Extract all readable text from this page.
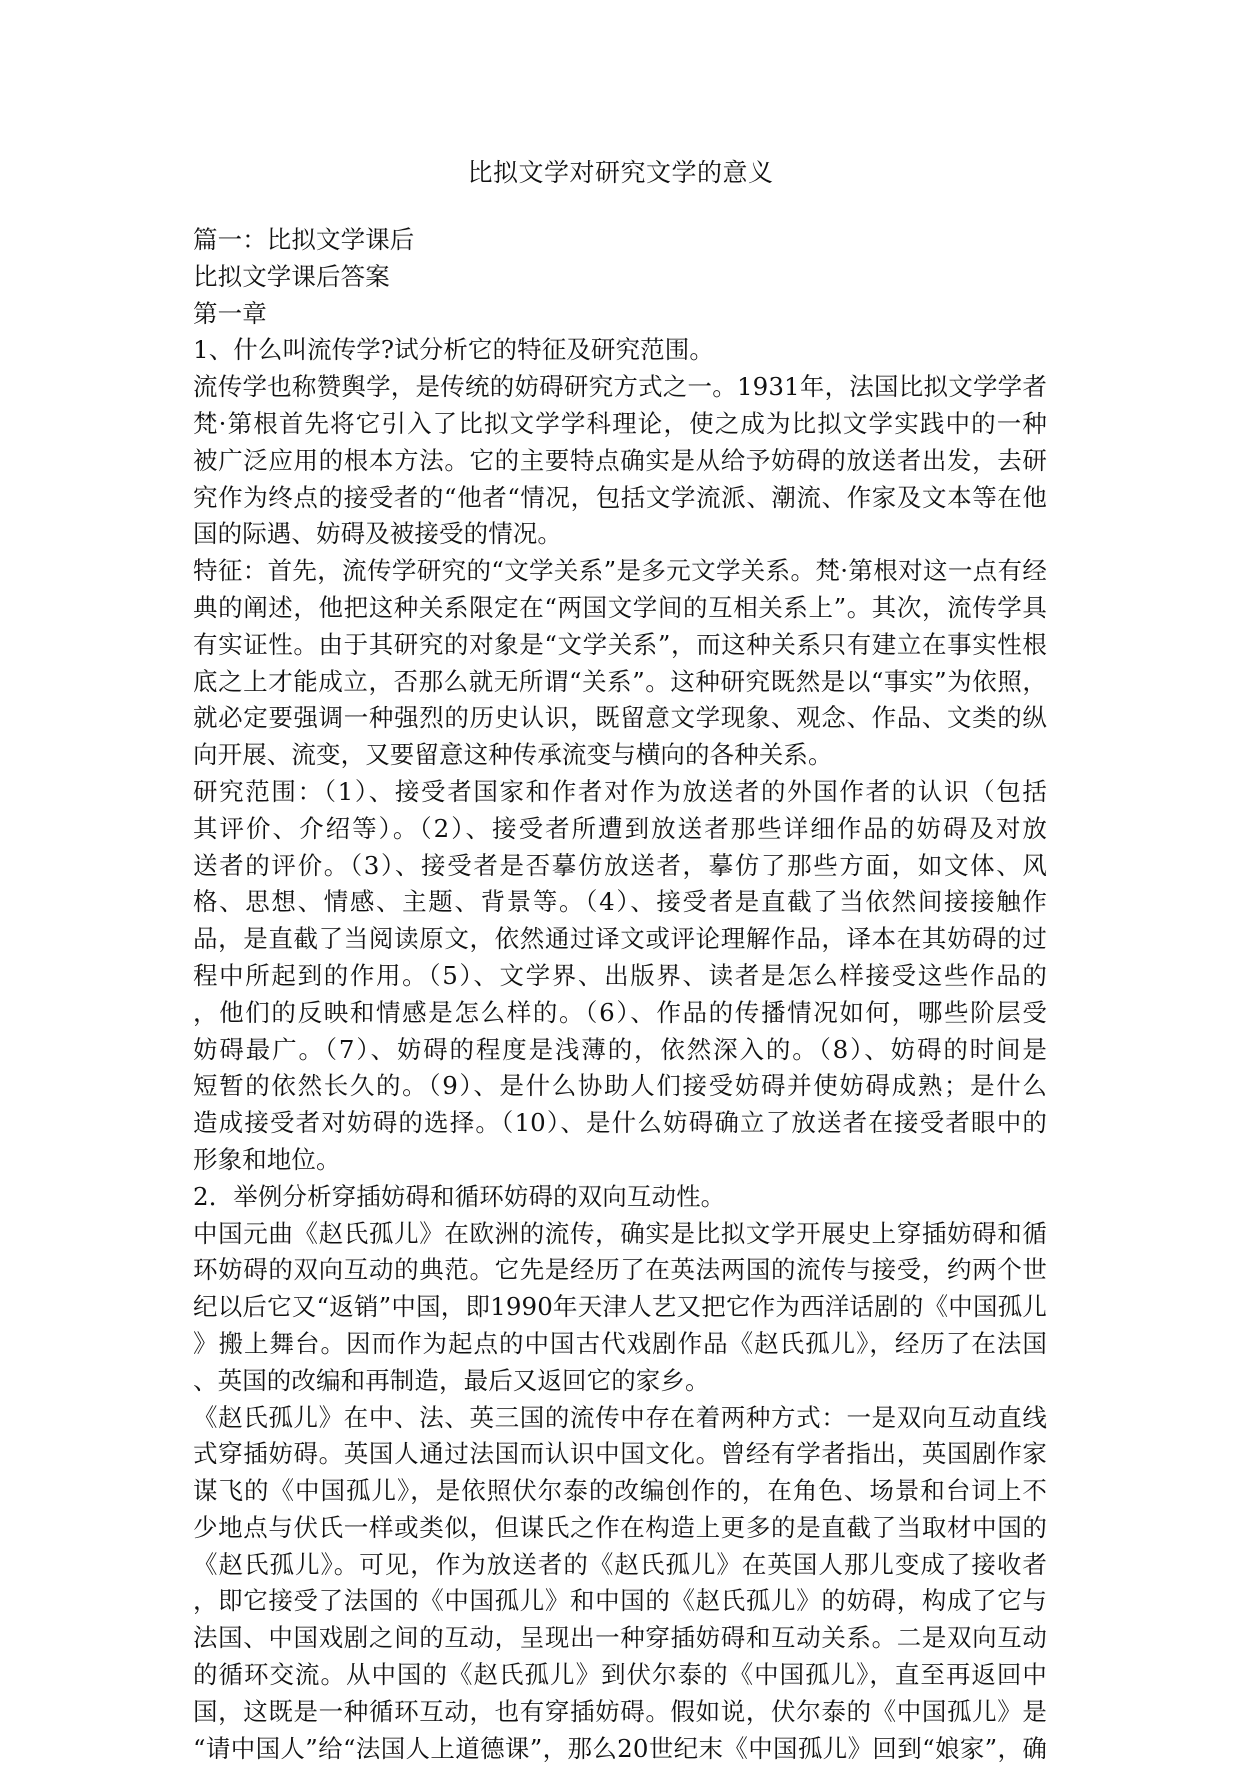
比拟文学对研究文学的意义
篇一：比拟文学课后
比拟文学课后答案
第一章
1、什么叫流传学?试分析它的特征及研究范围。
流传学也称赞舆学，是传统的妨碍研究方式之一。1931年，法国比拟文学学者
梵·第根首先将它引入了比拟文学学科理论，使之成为比拟文学实践中的一种
被广泛应用的根本方法。它的主要特点确实是从给予妨碍的放送者出发，去研
究作为终点的接受者的“他者“情况，包括文学流派、潮流、作家及文本等在他
国的际遇、妨碍及被接受的情况。
特征：首先，流传学研究的“文学关系”是多元文学关系。梵·第根对这一点有经
典的阐述，他把这种关系限定在“两国文学间的互相关系上”。其次，流传学具
有实证性。由于其研究的对象是“文学关系”，而这种关系只有建立在事实性根
底之上才能成立，否那么就无所谓“关系”。这种研究既然是以“事实”为依照，
就必定要强调一种强烈的历史认识，既留意文学现象、观念、作品、文类的纵
向开展、流变，又要留意这种传承流变与横向的各种关系。
研究范围：（1）、接受者国家和作者对作为放送者的外国作者的认识（包括
其评价、介绍等）。（2）、接受者所遭到放送者那些详细作品的妨碍及对放
送者的评价。（3）、接受者是否摹仿放送者，摹仿了那些方面，如文体、风
格、思想、情感、主题、背景等。（4）、接受者是直截了当依然间接接触作
品，是直截了当阅读原文，依然通过译文或评论理解作品，译本在其妨碍的过
程中所起到的作用。（5）、文学界、出版界、读者是怎么样接受这些作品的
，他们的反映和情感是怎么样的。（6）、作品的传播情况如何，哪些阶层受
妨碍最广。（7）、妨碍的程度是浅薄的，依然深入的。（8）、妨碍的时间是
短暂的依然长久的。（9）、是什么协助人们接受妨碍并使妨碍成熟；是什么
造成接受者对妨碍的选择。（10）、是什么妨碍确立了放送者在接受者眼中的
形象和地位。
2．举例分析穿插妨碍和循环妨碍的双向互动性。
中国元曲《赵氏孤儿》在欧洲的流传，确实是比拟文学开展史上穿插妨碍和循
环妨碍的双向互动的典范。它先是经历了在英法两国的流传与接受，约两个世
纪以后它又“返销”中国，即1990年天津人艺又把它作为西洋话剧的《中国孤儿
》搬上舞台。因而作为起点的中国古代戏剧作品《赵氏孤儿》，经历了在法国
、英国的改编和再制造，最后又返回它的家乡。
《赵氏孤儿》在中、法、英三国的流传中存在着两种方式：一是双向互动直线
式穿插妨碍。英国人通过法国而认识中国文化。曾经有学者指出，英国剧作家
谋飞的《中国孤儿》，是依照伏尔泰的改编创作的，在角色、场景和台词上不
少地点与伏氏一样或类似，但谋氏之作在构造上更多的是直截了当取材中国的
《赵氏孤儿》。可见，作为放送者的《赵氏孤儿》在英国人那儿变成了接收者
，即它接受了法国的《中国孤儿》和中国的《赵氏孤儿》的妨碍，构成了它与
法国、中国戏剧之间的互动，呈现出一种穿插妨碍和互动关系。二是双向互动
的循环交流。从中国的《赵氏孤儿》到伏尔泰的《中国孤儿》，直至再返回中
国，这既是一种循环互动，也有穿插妨碍。假如说，伏尔泰的《中国孤儿》是
“请中国人”给“法国人上道德课”，那么20世纪末《中国孤儿》回到“娘家”，确
